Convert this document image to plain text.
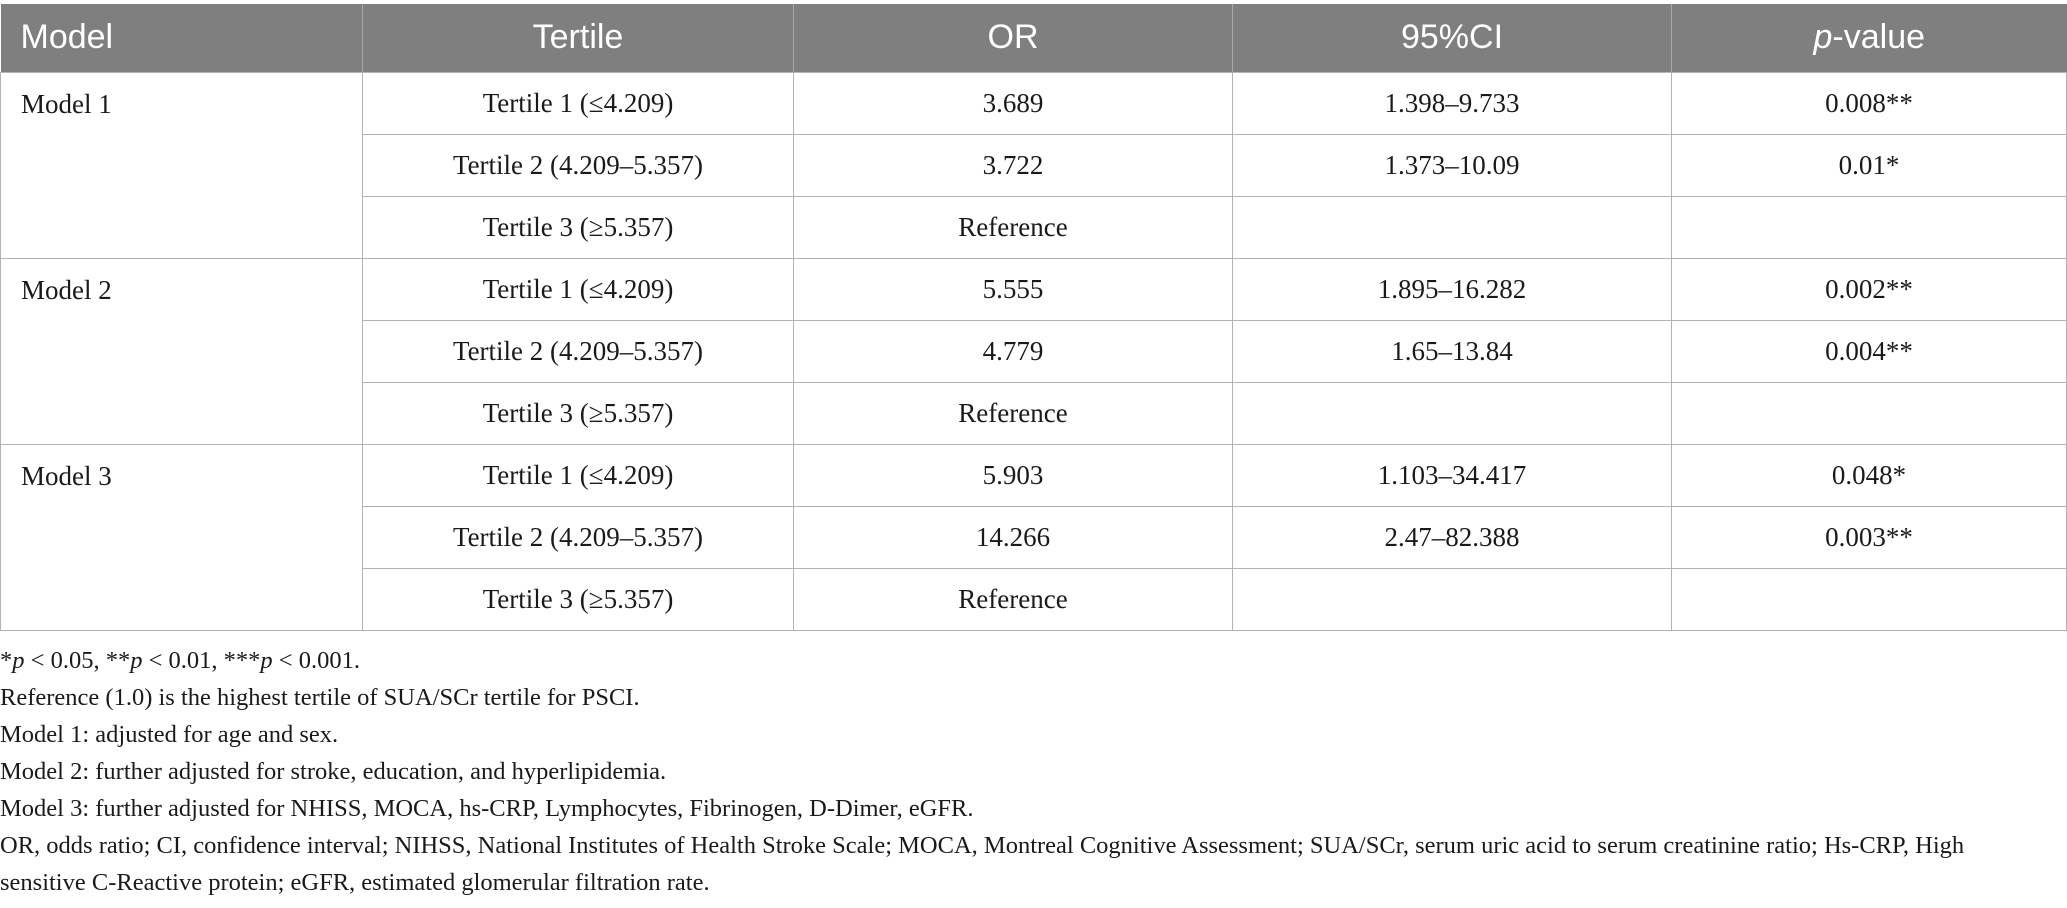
Model	Tertile	OR	95%CI	p-value
Model 1	Tertile 1 (≤4.209)	3.689	1.398–9.733	0.008**
	Tertile 2 (4.209–5.357)	3.722	1.373–10.09	0.01*
	Tertile 3 (≥5.357)	Reference		
Model 2	Tertile 1 (≤4.209)	5.555	1.895–16.282	0.002**
	Tertile 2 (4.209–5.357)	4.779	1.65–13.84	0.004**
	Tertile 3 (≥5.357)	Reference		
Model 3	Tertile 1 (≤4.209)	5.903	1.103–34.417	0.048*
	Tertile 2 (4.209–5.357)	14.266	2.47–82.388	0.003**
	Tertile 3 (≥5.357)	Reference		
*p < 0.05, **p < 0.01, ***p < 0.001.
Reference (1.0) is the highest tertile of SUA/SCr tertile for PSCI.
Model 1: adjusted for age and sex.
Model 2: further adjusted for stroke, education, and hyperlipidemia.
Model 3: further adjusted for NHISS, MOCA, hs-CRP, Lymphocytes, Fibrinogen, D-Dimer, eGFR.
OR, odds ratio; CI, confidence interval; NIHSS, National Institutes of Health Stroke Scale; MOCA, Montreal Cognitive Assessment; SUA/SCr, serum uric acid to serum creatinine ratio; Hs-CRP, High sensitive C-Reactive protein; eGFR, estimated glomerular filtration rate.
